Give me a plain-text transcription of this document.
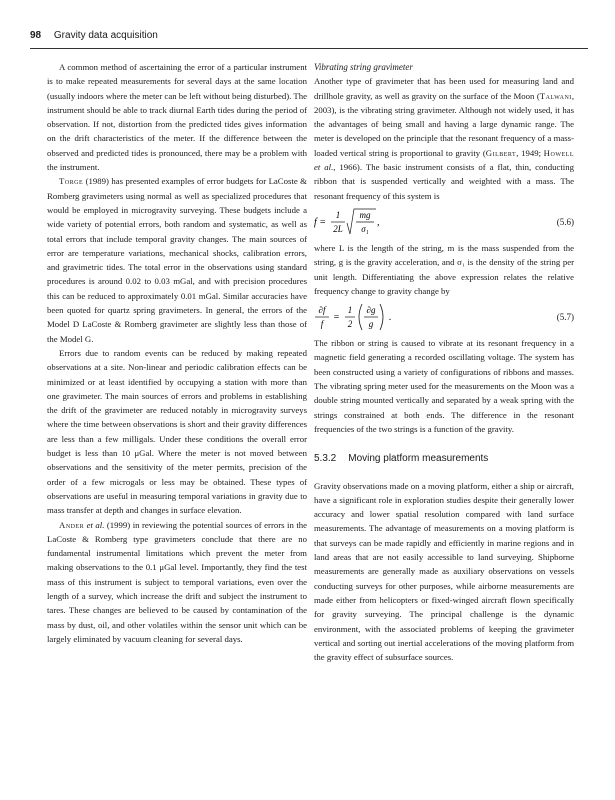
98 Gravity data acquisition

A common method of ascertaining the error of a particular instrument is to make repeated measurements for several days at the same location (usually indoors where the meter can be left without being disturbed). The instrument should be able to track diurnal Earth tides during the period of observation. If not, distortion from the predicted tides gives information on the drift characteristics of the meter. If the difference between the observed and predicted tides is pronounced, there may be a problem with the instrument.

Torge (1989) has presented examples of error budgets for LaCoste & Romberg gravimeters using normal as well as specialized procedures that would be employed in microgravity surveying. These budgets include a wide variety of potential errors, both random and systematic, as well as total errors that include temporal gravity changes. The main sources of error are temperature variations, mechanical shocks, calibration errors, and gravimetric tides. The total error in the observations using standard procedures is around 0.02 to 0.03 mGal, and with precision procedures this can be reduced to approximately 0.01 mGal. Similar accuracies have been quoted for quartz spring gravimeters. In general, the errors of the Model D LaCoste & Romberg gravimeter are slightly less than those of the Model G.

Errors due to random events can be reduced by making repeated observations at a site. Non-linear and periodic calibration effects can be minimized or at least identified by occupying a station with more than one gravimeter. The main sources of errors and problems in establishing the drift of the gravimeter are reduced notably in microgravity surveys where the time between observations is short and their gravity differences are less than a few milligals. Under these conditions the overall error budget is less than 10 μGal. Where the meter is not moved between observations and the sensitivity of the meter permits, precision of the order of a few microgals or less may be obtained. These types of observations are useful in measuring temporal variations in gravity due to mass transfer at depth and changes in surface elevation.

Ander et al. (1999) in reviewing the potential sources of errors in the LaCoste & Romberg type gravimeters conclude that there are no fundamental instrumental limitations which prevent the meter from making observations to the 0.1 μGal level. Importantly, they find the test mass of this instrument is subject to temporal variations, even over the length of a survey, which increase the drift and subject the instrument to tares. These changes are believed to be caused by contamination of the mass by dust, oil, and other volatiles within the sensor unit which can be largely eliminated by vacuum cleaning for several days.

Vibrating string gravimeter

Another type of gravimeter that has been used for measuring land and drillhole gravity, as well as gravity on the surface of the Moon (Talwani, 2003), is the vibrating string gravimeter. Although not widely used, it has the advantages of being small and having a large dynamic range. The meter is developed on the principle that the resonant frequency of a mass-loaded vertical string is proportional to gravity (Gilbert, 1949; Howell et al., 1966). The basic instrument consists of a flat, thin, conducting ribbon that is suspended vertically and weighted with a mass. The resonant frequency of this system is

f =
1
2L
mg
σ₁
,	(5.6)

where L is the length of the string, m is the mass suspended from the string, g is the gravity acceleration, and σ₁ is the density of the string per unit length. Differentiating the above expression relates the relative frequency change to gravity change by

∂f
f
=
1
2
∂g
g
.	(5.7)

The ribbon or string is caused to vibrate at its resonant frequency in a magnetic field generating a recorded oscillating voltage. The system has been constructed using a variety of configurations of ribbons and masses. The vibrating spring meter used for the measurements on the Moon was a double string mounted vertically and separated by a weak spring with the strings constrained at both ends. The difference in the resonant frequencies of the two strings is a function of the gravity.

5.3.2 Moving platform measurements

Gravity observations made on a moving platform, either a ship or aircraft, have a significant role in exploration studies despite their generally lower accuracy and lower spatial resolution compared with land surface measurements. The advantage of measurements on a moving platform is that surveys can be made rapidly and efficiently in marine regions and in land areas that are not easily accessible to land surveying. Shipborne measurements are generally made as auxiliary observations on vessels conducting surveys for other purposes, while airborne measurements are made either from helicopters or fixed-winged aircraft flown specifically for gravity surveying. The principal challenge is the dynamic environment, with the associated problems of keeping the gravimeter vertical and sorting out inertial accelerations of the moving platform from the gravity effect of subsurface sources.
